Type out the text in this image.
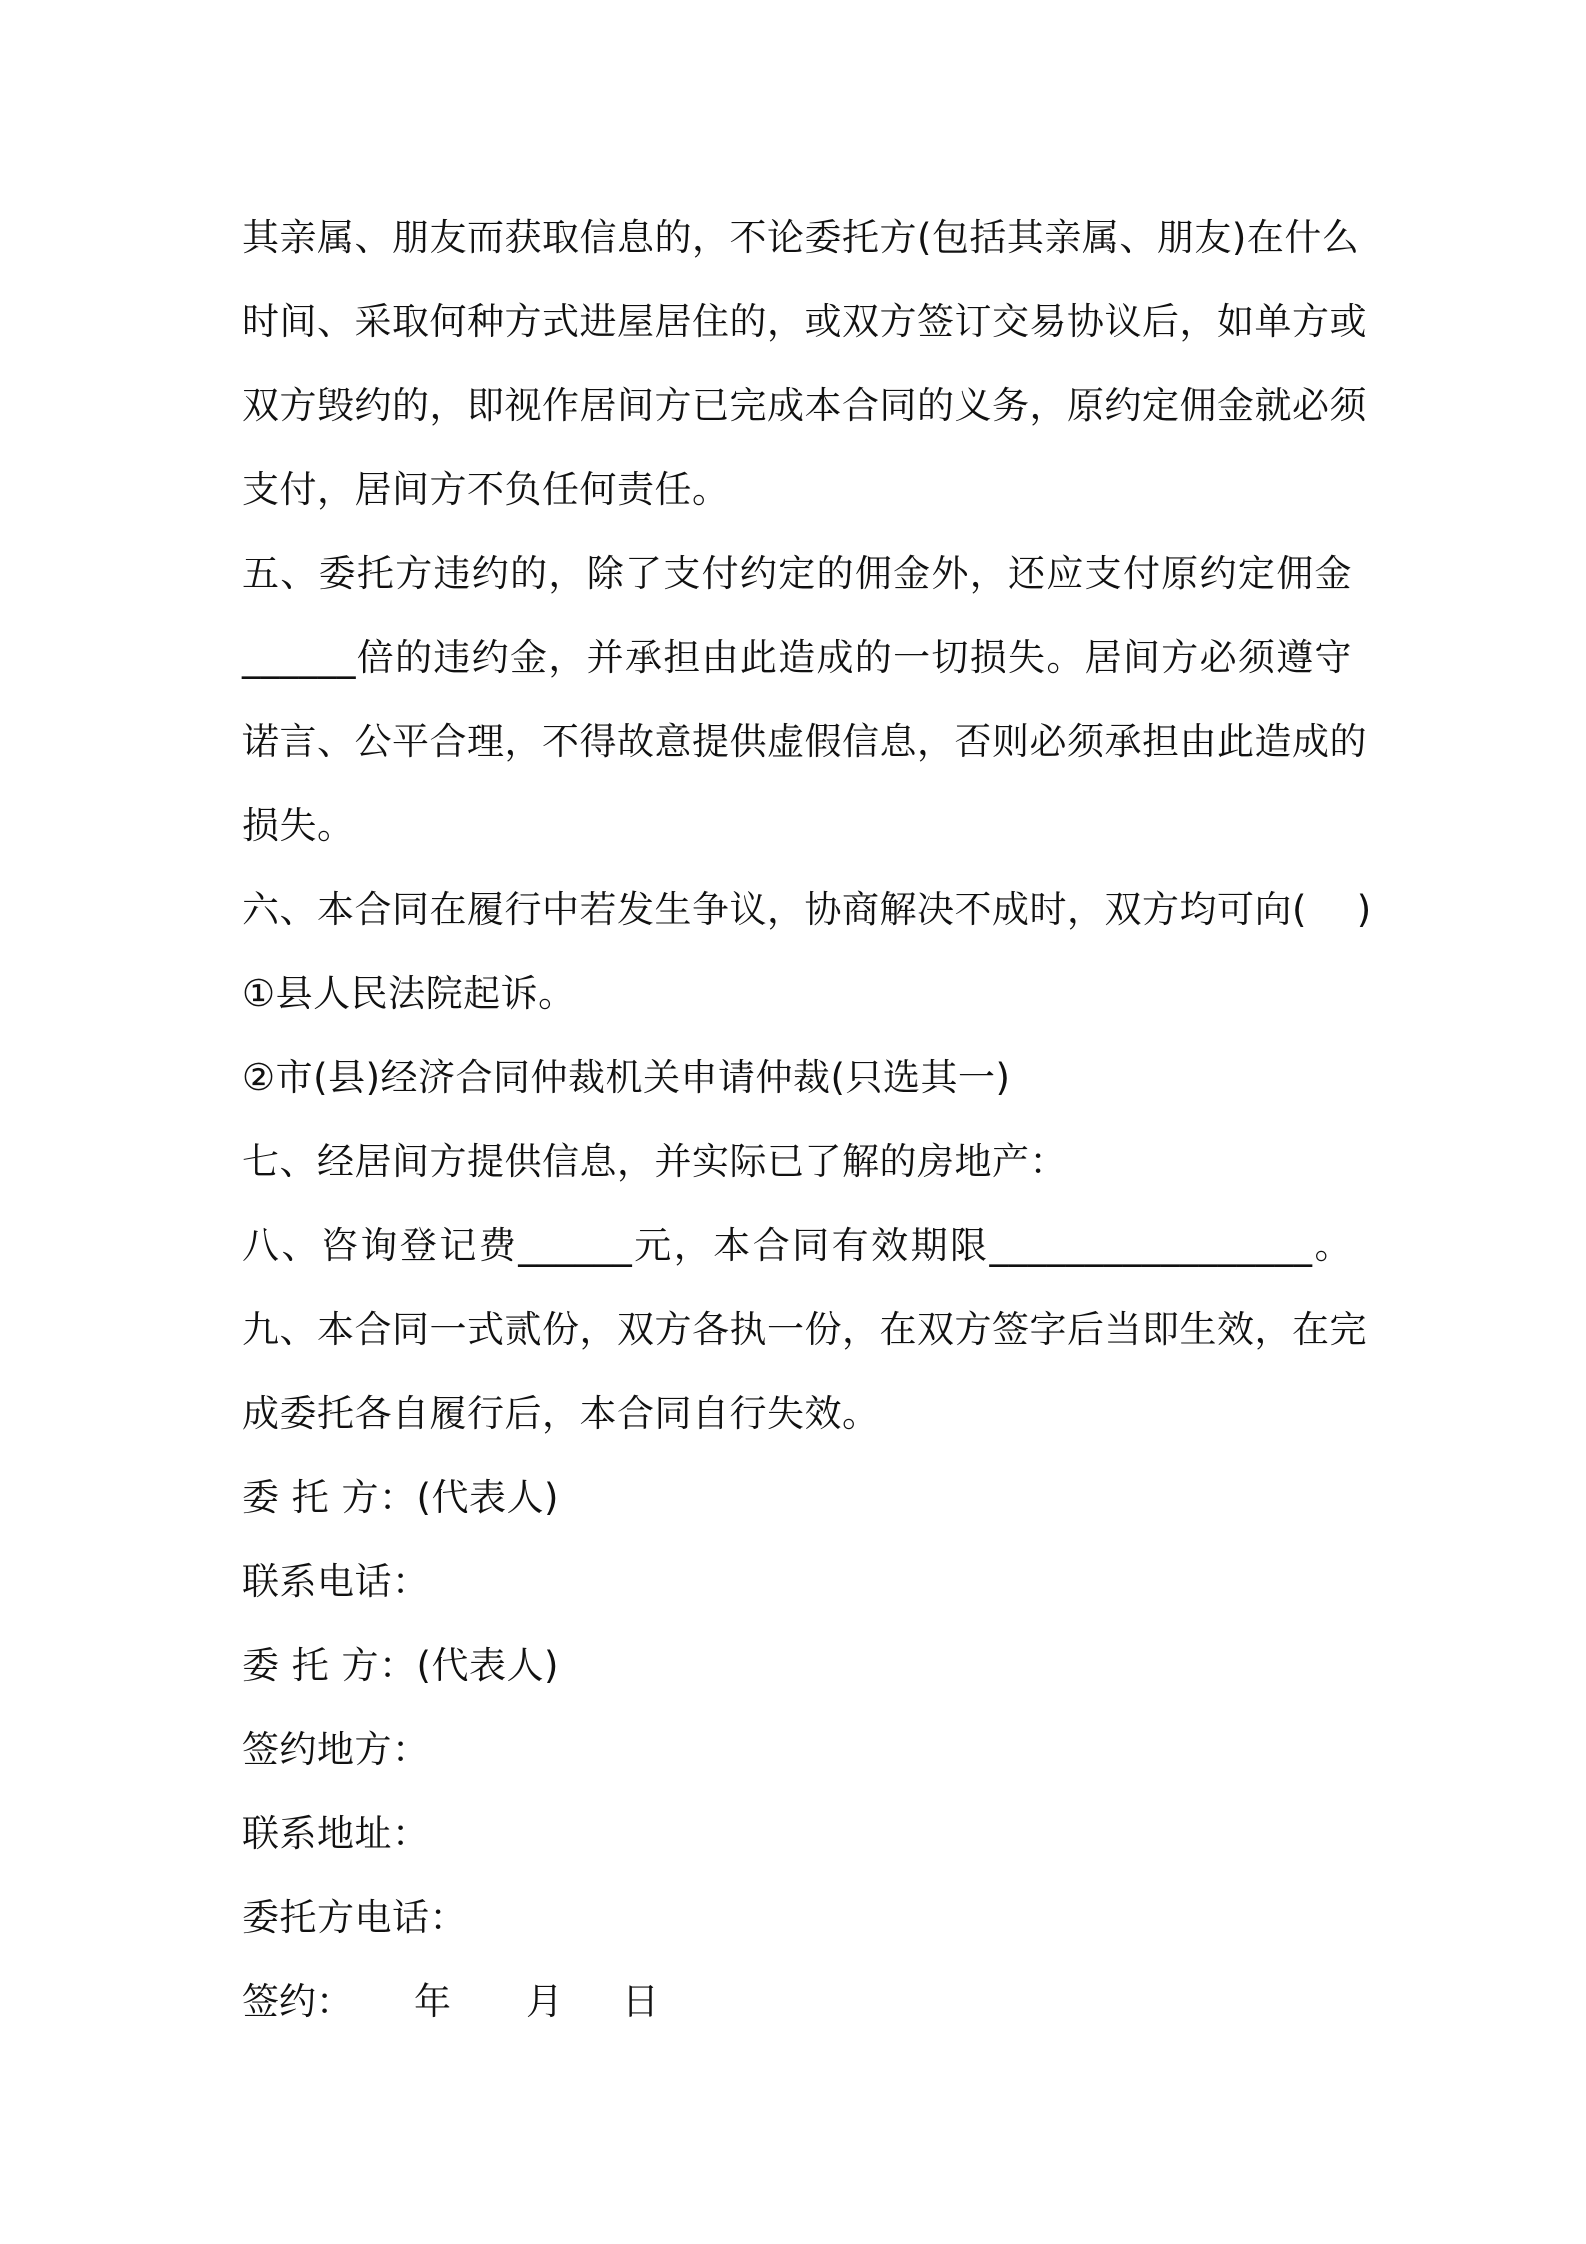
其亲属、朋友而获取信息的，不论委托方(包括其亲属、朋友)在什么
时间、采取何种方式进屋居住的，或双方签订交易协议后，如单方或
双方毁约的，即视作居间方已完成本合同的义务，原约定佣金就必须
支付，居间方不负任何责任。
五、委托方违约的，除了支付约定的佣金外，还应支付原约定佣金
______倍的违约金，并承担由此造成的一切损失。居间方必须遵守
诺言、公平合理，不得故意提供虚假信息，否则必须承担由此造成的
损失。
六、本合同在履行中若发生争议，协商解决不成时，双方均可向(　 )
①县人民法院起诉。
②市(县)经济合同仲裁机关申请仲裁(只选其一)
七、经居间方提供信息，并实际已了解的房地产：
八、咨询登记费______元，本合同有效期限_________________。
九、本合同一式贰份，双方各执一份，在双方签字后当即生效，在完
成委托各自履行后，本合同自行失效。
委 托 方：(代表人)
联系电话：
委 托 方：(代表人)
签约地方：
联系地址：
委托方电话：
签约： 年 月 日
